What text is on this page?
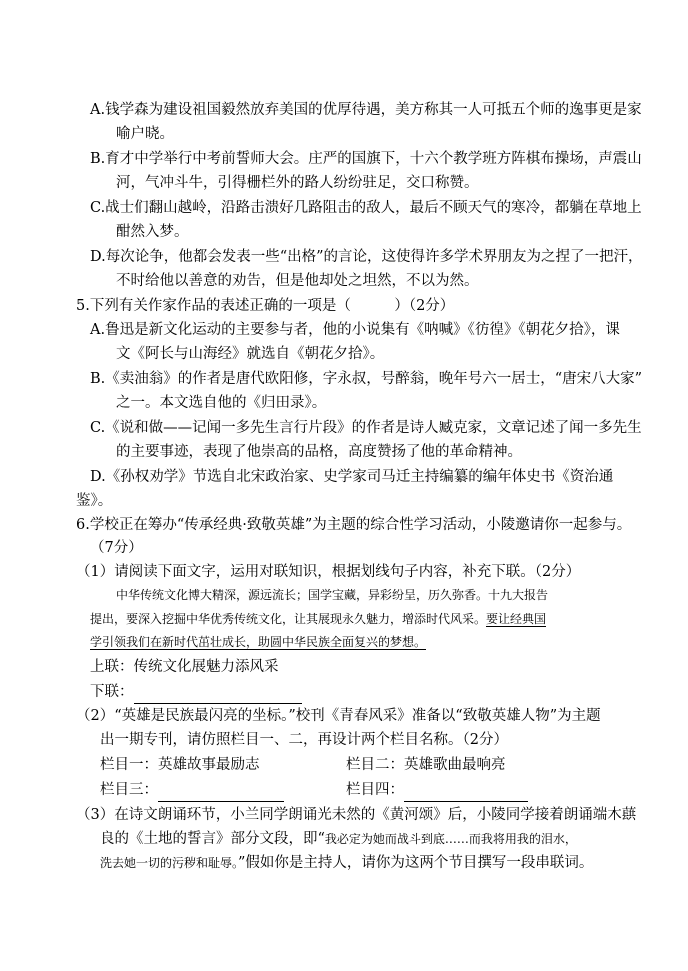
A.钱学森为建设祖国毅然放弃美国的优厚待遇，美方称其一人可抵五个师的逸事更是家
喻户晓。
B.育才中学举行中考前誓师大会。庄严的国旗下，十六个教学班方阵棋布操场，声震山
河，气冲斗牛，引得栅栏外的路人纷纷驻足，交口称赞。
C.战士们翻山越岭，沿路击溃好几路阻击的敌人，最后不顾天气的寒冷，都躺在草地上
酣然入梦。
D.每次论争，他都会发表一些“出格”的言论，这使得许多学术界朋友为之捏了一把汗，
不时给他以善意的劝告，但是他却处之坦然，不以为然。
5.下列有关作家作品的表述正确的一项是（　　　）（2分）
A.鲁迅是新文化运动的主要参与者，他的小说集有《呐喊》《彷徨》《朝花夕拾》，课
文《阿长与山海经》就选自《朝花夕拾》。
B.《卖油翁》的作者是唐代欧阳修，字永叔，号醉翁，晚年号六一居士，“唐宋八大家”
之一。本文选自他的《归田录》。
C.《说和做——记闻一多先生言行片段》的作者是诗人臧克家，文章记述了闻一多先生
的主要事迹，表现了他崇高的品格，高度赞扬了他的革命精神。
D.《孙权劝学》节选自北宋政治家、史学家司马迁主持编纂的编年体史书《资治通
鉴》。
6.学校正在筹办“传承经典·致敬英雄”为主题的综合性学习活动，小陵邀请你一起参与。
（7分）
（1）请阅读下面文字，运用对联知识，根据划线句子内容，补充下联。（2分）
中华传统文化博大精深，源远流长；国学宝藏，异彩纷呈，历久弥香。十九大报告
提出，要深入挖掘中华优秀传统文化，让其展现永久魅力，增添时代风采。要让经典国
学引领我们在新时代茁壮成长，助圆中华民族全面复兴的梦想。
上联：传统文化展魅力添风采
下联：
（2）“英雄是民族最闪亮的坐标。”校刊《青春风采》准备以“致敬英雄人物”为主题
出一期专刊，请仿照栏目一、二，再设计两个栏目名称。（2分）
栏目一：英雄故事最励志	栏目二：英雄歌曲最响亮
栏目三：	栏目四：
（3）在诗文朗诵环节，小兰同学朗诵光未然的《黄河颂》后，小陵同学接着朗诵端木蕻
良的《土地的誓言》部分文段，即“我必定为她而战斗到底……而我将用我的泪水，
洗去她一切的污秽和耻辱。”假如你是主持人，请你为这两个节目撰写一段串联词。
